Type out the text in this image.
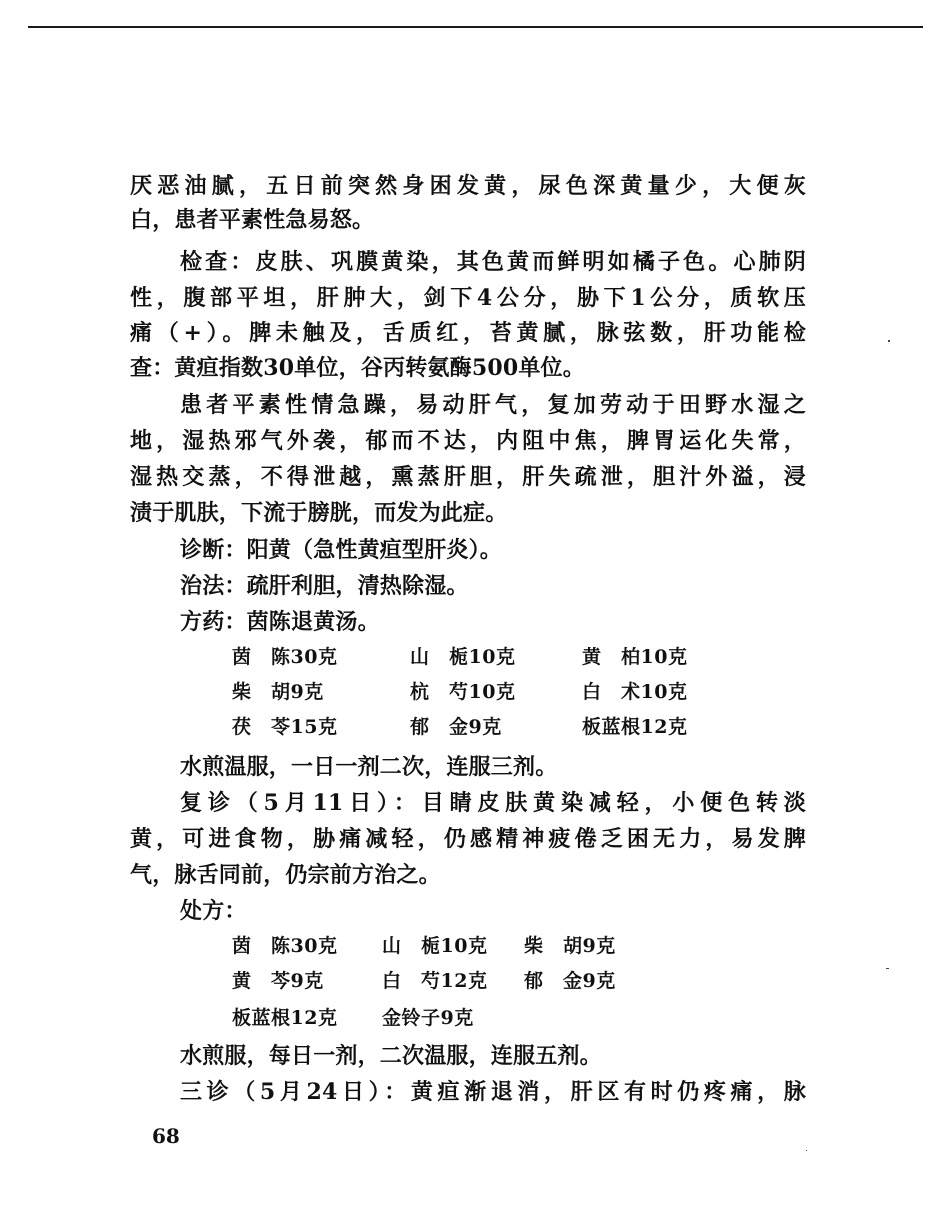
厌恶油腻，五日前突然身困发黄，尿色深黄量少，大便灰
白，患者平素性急易怒。
检查：皮肤、巩膜黄染，其色黄而鲜明如橘子色。心肺阴
性，腹部平坦，肝肿大，剑下4公分，胁下1公分，质软压
痛（+）。脾未触及，舌质红，苔黄腻，脉弦数，肝功能检
查：黄疸指数30单位，谷丙转氨酶500单位。
患者平素性情急躁，易动肝气，复加劳动于田野水湿之
地，湿热邪气外袭，郁而不达，内阻中焦，脾胃运化失常，
湿热交蒸，不得泄越，熏蒸肝胆，肝失疏泄，胆汁外溢，浸
渍于肌肤，下流于膀胱，而发为此症。
诊断：阳黄（急性黄疸型肝炎）。
治法：疏肝利胆，清热除湿。
方药：茵陈退黄汤。
茵　陈30克	山　栀10克	黄　柏10克
柴　胡9克	杭　芍10克	白　术10克
茯　苓15克	郁　金9克	板蓝根12克
水煎温服，一日一剂二次，连服三剂。
复诊（5月11日）：目睛皮肤黄染减轻，小便色转淡
黄，可进食物，胁痛减轻，仍感精神疲倦乏困无力，易发脾
气，脉舌同前，仍宗前方治之。
处方：
茵　陈30克 山　栀10克 柴　胡9克
黄　芩9克	白　芍12克 郁　金9克
板蓝根12克 金铃子9克
水煎服，每日一剂，二次温服，连服五剂。
三诊（5月24日）：黄疸渐退消，肝区有时仍疼痛，脉
68
